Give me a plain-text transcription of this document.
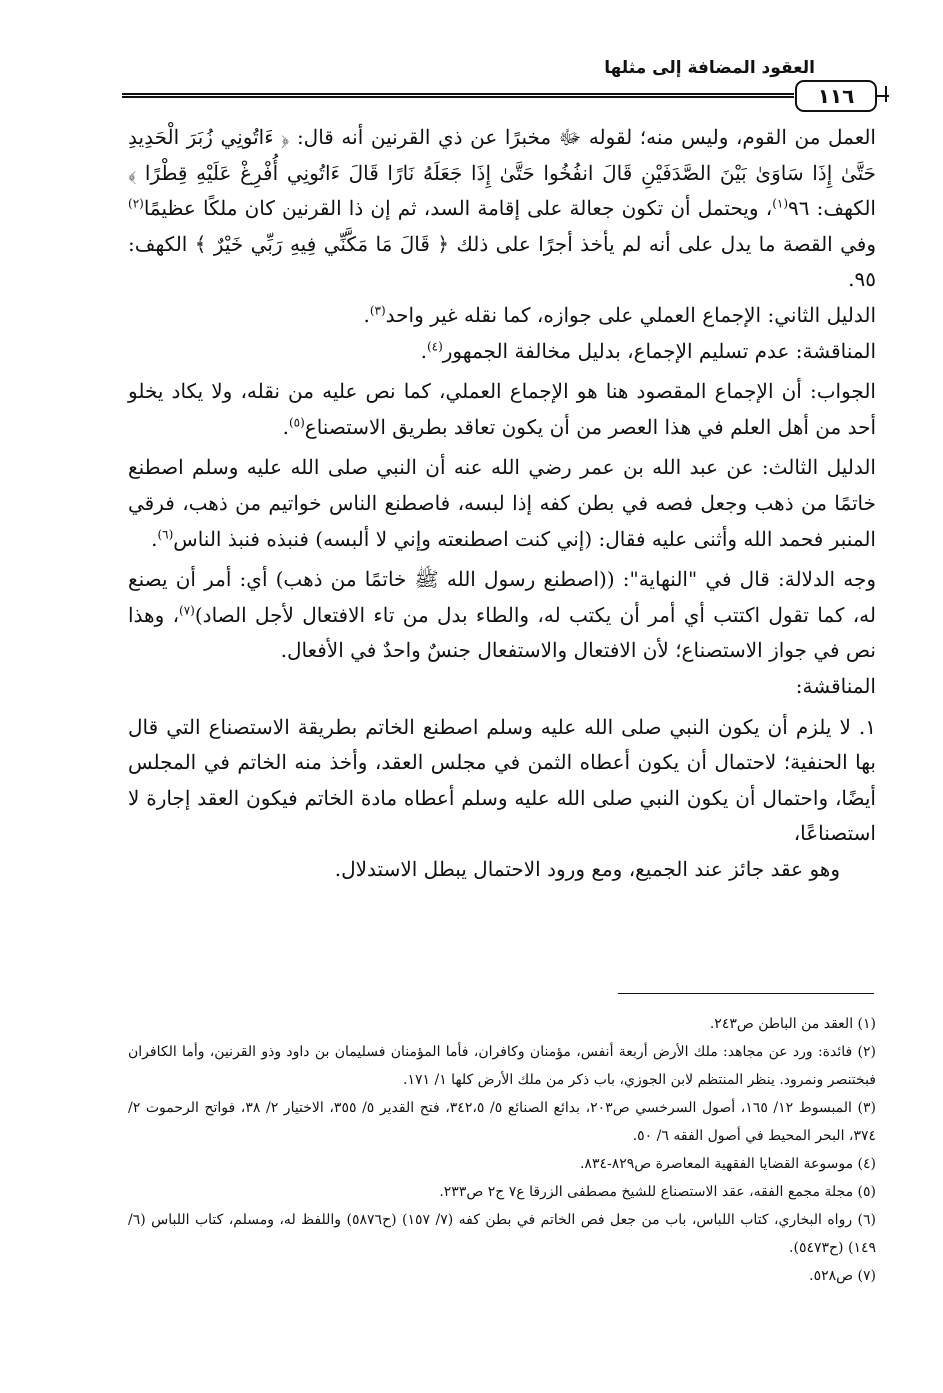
العقود المضافة إلى مثلها
١١٦

العمل من القوم، وليس منه؛ لقوله ﷻ مخبرًا عن ذي القرنين أنه قال: ﴿ ءَاتُونِي زُبَرَ الْحَدِيدِ حَتَّىٰ إِذَا سَاوَىٰ بَيْنَ الصَّدَفَيْنِ قَالَ انفُخُوا حَتَّىٰ إِذَا جَعَلَهُ نَارًا قَالَ ءَاتُونِي أُفْرِغْ عَلَيْهِ قِطْرًا ﴾ الكهف: ٩٦$^{(١)}$، ويحتمل أن تكون جعالة على إقامة السد، ثم إن ذا القرنين كان ملكًا عظيمًا$^{(٢)}$ وفي القصة ما يدل على أنه لم يأخذ أجرًا على ذلك ﴿ قَالَ مَا مَكَّنِّي فِيهِ رَبِّي خَيْرٌ ﴾ الكهف: ٩٥.

الدليل الثاني: الإجماع العملي على جوازه، كما نقله غير واحد$^{(٣)}$.

المناقشة: عدم تسليم الإجماع، بدليل مخالفة الجمهور$^{(٤)}$.

الجواب: أن الإجماع المقصود هنا هو الإجماع العملي، كما نص عليه من نقله، ولا يكاد يخلو أحد من أهل العلم في هذا العصر من أن يكون تعاقد بطريق الاستصناع$^{(٥)}$.

الدليل الثالث: عن عبد الله بن عمر رضي الله عنه أن النبي صلى الله عليه وسلم اصطنع خاتمًا من ذهب وجعل فصه في بطن كفه إذا لبسه، فاصطنع الناس خواتيم من ذهب، فرقي المنبر فحمد الله وأثنى عليه فقال: (إني كنت اصطنعته وإني لا ألبسه) فنبذه فنبذ الناس$^{(٦)}$.

وجه الدلالة: قال في "النهاية": ((اصطنع رسول الله ﷺ خاتمًا من ذهب) أي: أمر أن يصنع له، كما تقول اكتتب أي أمر أن يكتب له، والطاء بدل من تاء الافتعال لأجل الصاد)$^{(٧)}$، وهذا نص في جواز الاستصناع؛ لأن الافتعال والاستفعال جنسٌ واحدٌ في الأفعال.

المناقشة:

١. لا يلزم أن يكون النبي صلى الله عليه وسلم اصطنع الخاتم بطريقة الاستصناع التي قال بها الحنفية؛ لاحتمال أن يكون أعطاه الثمن في مجلس العقد، وأخذ منه الخاتم في المجلس أيضًا، واحتمال أن يكون النبي صلى الله عليه وسلم أعطاه مادة الخاتم فيكون العقد إجارة لا استصناعًا،

وهو عقد جائز عند الجميع، ومع ورود الاحتمال يبطل الاستدلال.

(١) العقد من الباطن ص٢٤٣.

(٢) فائدة: ورد عن مجاهد: ملك الأرض أربعة أنفس، مؤمنان وكافران، فأما المؤمنان فسليمان بن داود وذو القرنين، وأما الكافران فبختنصر ونمرود. ينظر المنتظم لابن الجوزي، باب ذكر من ملك الأرض كلها ١/ ١٧١.

(٣) المبسوط ١٢/ ١٦٥، أصول السرخسي ص٢٠٣، بدائع الصنائع ٥/ ٣٤٢،٥، فتح القدير ٥/ ٣٥٥، الاختيار ٢/ ٣٨، فواتح الرحموت ٢/ ٣٧٤، البحر المحيط في أصول الفقه ٦/ ٥٠.

(٤) موسوعة القضايا الفقهية المعاصرة ص٨٢٩-٨٣٤.

(٥) مجلة مجمع الفقه، عقد الاستصناع للشيخ مصطفى الزرقا ع٧ ج٢ ص٢٣٣.

(٦) رواه البخاري، كتاب اللباس، باب من جعل فص الخاتم في بطن كفه (٧/ ١٥٧) (ح٥٨٧٦) واللفظ له، ومسلم، كتاب اللباس (٦/ ١٤٩) (ح٥٤٧٣).

(٧) ص٥٢٨.
